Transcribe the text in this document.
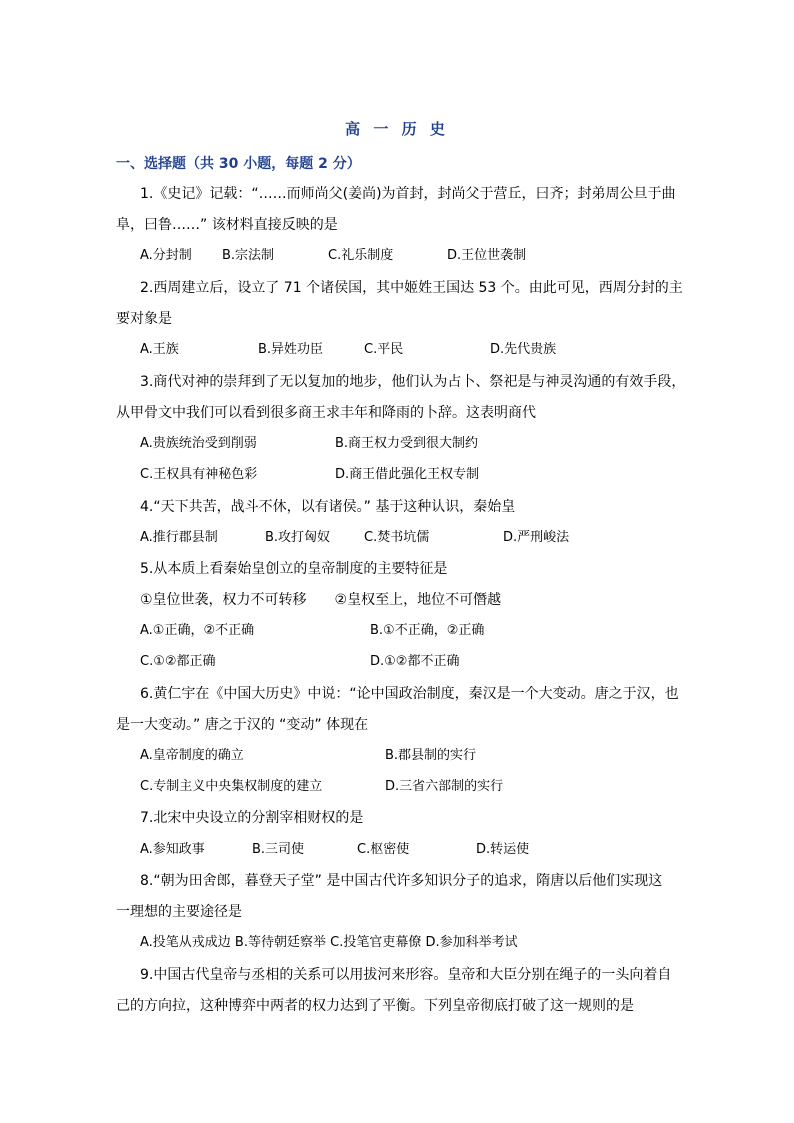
高 一 历 史
一、选择题（共 30 小题，每题 2 分）
1.《史记》记载：“……而师尚父(姜尚)为首封，封尚父于营丘，曰齐；封弟周公旦于曲
阜，曰鲁……” 该材料直接反映的是
A.分封制 B.宗法制	C.礼乐制度	D.王位世袭制
2.西周建立后，设立了 71 个诸侯国，其中姬姓王国达 53 个。由此可见，西周分封的主
要对象是
A.王族	B.异姓功臣	C.平民	D.先代贵族
3.商代对神的崇拜到了无以复加的地步，他们认为占卜、祭祀是与神灵沟通的有效手段，
从甲骨文中我们可以看到很多商王求丰年和降雨的卜辞。这表明商代
A.贵族统治受到削弱	B.商王权力受到很大制约
C.王权具有神秘色彩	D.商王借此强化王权专制
4.“天下共苦，战斗不休，以有诸侯。” 基于这种认识，秦始皇
A.推行郡县制	B.攻打匈奴	C.焚书坑儒	D.严刑峻法
5.从本质上看秦始皇创立的皇帝制度的主要特征是
①皇位世袭，权力不可转移　　②皇权至上，地位不可僭越
A.①正确，②不正确	B.①不正确，②正确
C.①②都正确	D.①②都不正确
6.黄仁宇在《中国大历史》中说：“论中国政治制度，秦汉是一个大变动。唐之于汉，也
是一大变动。” 唐之于汉的 “变动” 体现在
A.皇帝制度的确立	B.郡县制的实行
C.专制主义中央集权制度的建立	D.三省六部制的实行
7.北宋中央设立的分割宰相财权的是
A.参知政事	B.三司使	C.枢密使	D.转运使
8.“朝为田舍郎，暮登天子堂” 是中国古代许多知识分子的追求，隋唐以后他们实现这
一理想的主要途径是
A.投笔从戎成边 B.等待朝廷察举 C.投笔官吏幕僚 D.参加科举考试
9.中国古代皇帝与丞相的关系可以用拔河来形容。皇帝和大臣分别在绳子的一头向着自
己的方向拉，这种博弈中两者的权力达到了平衡。下列皇帝彻底打破了这一规则的是
